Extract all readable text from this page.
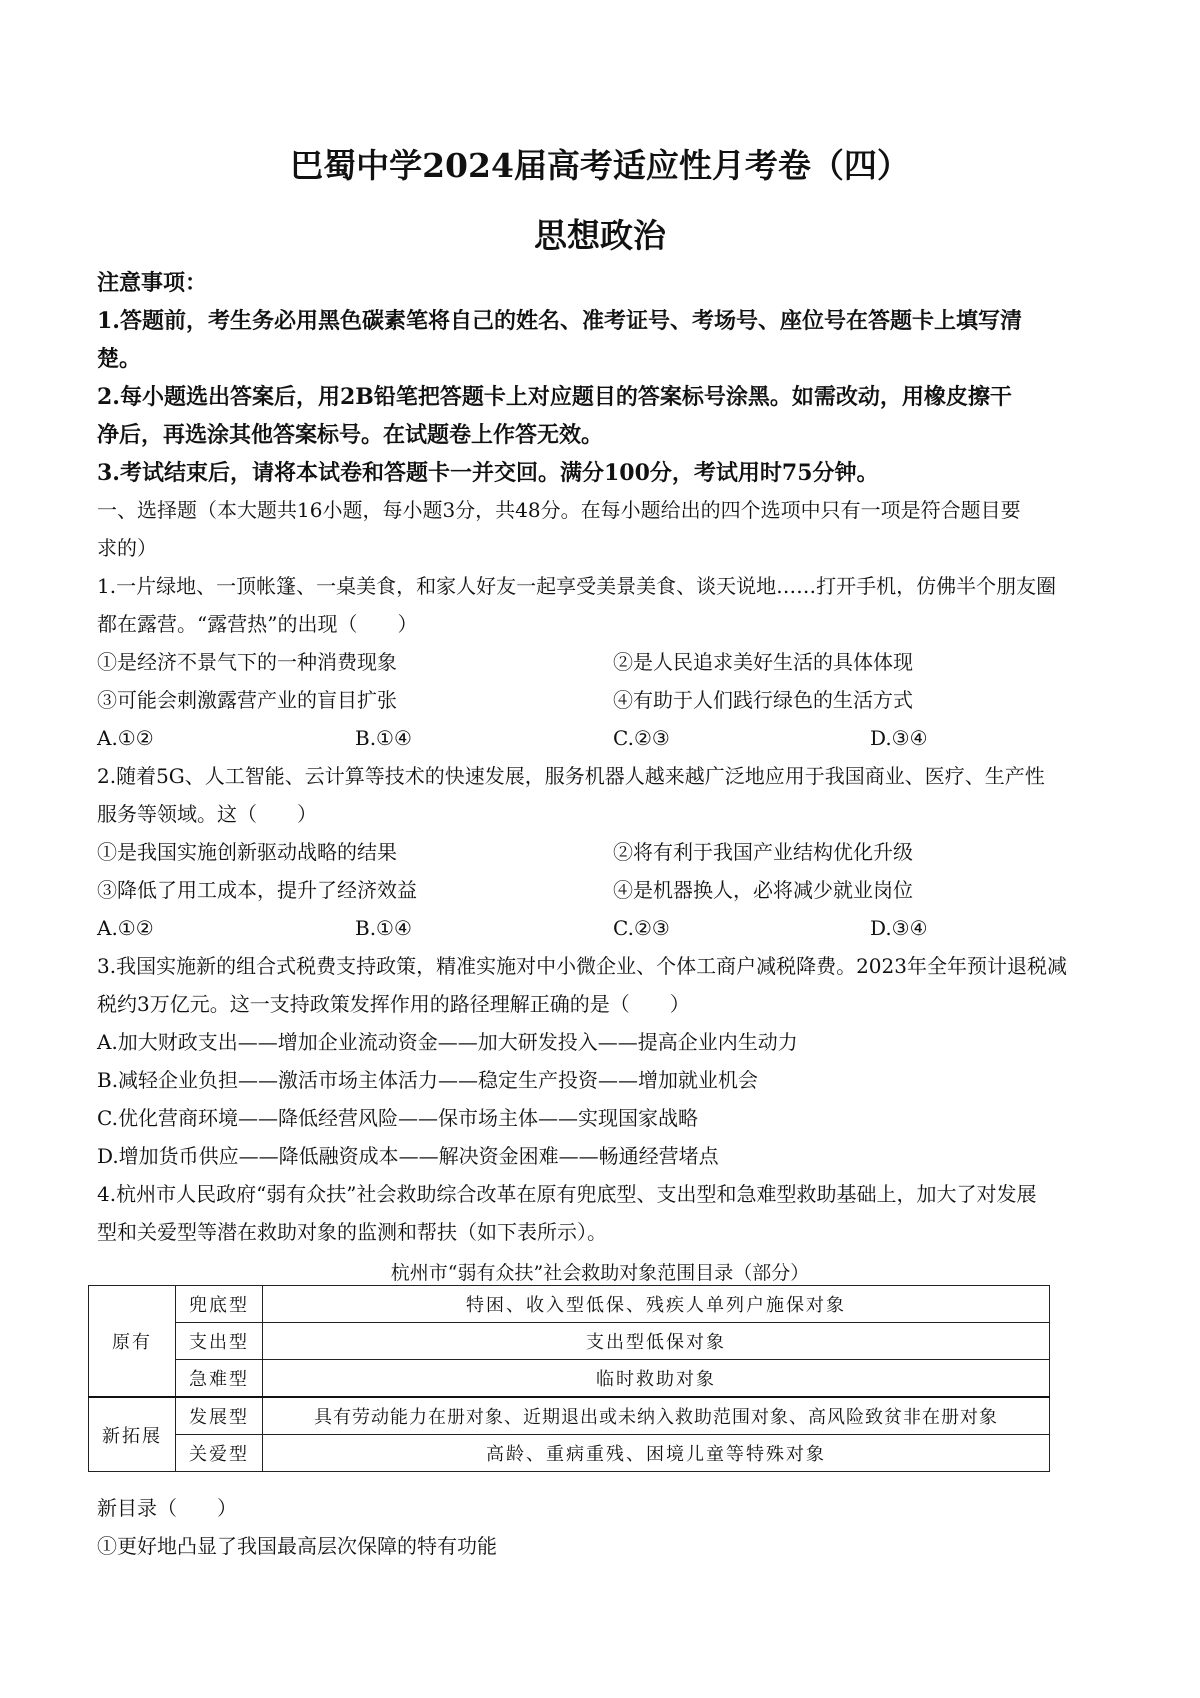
巴蜀中学2024届高考适应性月考卷（四）
思想政治
注意事项：
1.答题前，考生务必用黑色碳素笔将自己的姓名、准考证号、考场号、座位号在答题卡上填写清
楚。
2.每小题选出答案后，用2B铅笔把答题卡上对应题目的答案标号涂黑。如需改动，用橡皮擦干
净后，再选涂其他答案标号。在试题卷上作答无效。
3.考试结束后，请将本试卷和答题卡一并交回。满分100分，考试用时75分钟。
一、选择题（本大题共16小题，每小题3分，共48分。在每小题给出的四个选项中只有一项是符合题目要
求的）
1.一片绿地、一顶帐篷、一桌美食，和家人好友一起享受美景美食、谈天说地……打开手机，仿佛半个朋友圈
都在露营。“露营热”的出现（　　）
①是经济不景气下的一种消费现象	②是人民追求美好生活的具体体现
③可能会刺激露营产业的盲目扩张	④有助于人们践行绿色的生活方式
A.①②	B.①④	C.②③	D.③④
2.随着5G、人工智能、云计算等技术的快速发展，服务机器人越来越广泛地应用于我国商业、医疗、生产性
服务等领域。这（　　）
①是我国实施创新驱动战略的结果	②将有利于我国产业结构优化升级
③降低了用工成本，提升了经济效益	④是机器换人，必将减少就业岗位
A.①②	B.①④	C.②③	D.③④
3.我国实施新的组合式税费支持政策，精准实施对中小微企业、个体工商户减税降费。2023年全年预计退税减
税约3万亿元。这一支持政策发挥作用的路径理解正确的是（　　）
A.加大财政支出——增加企业流动资金——加大研发投入——提高企业内生动力
B.减轻企业负担——激活市场主体活力——稳定生产投资——增加就业机会
C.优化营商环境——降低经营风险——保市场主体——实现国家战略
D.增加货币供应——降低融资成本——解决资金困难——畅通经营堵点
4.杭州市人民政府“弱有众扶”社会救助综合改革在原有兜底型、支出型和急难型救助基础上，加大了对发展
型和关爱型等潜在救助对象的监测和帮扶（如下表所示）。
杭州市“弱有众扶”社会救助对象范围目录（部分）
原有	兜底型	特困、收入型低保、残疾人单列户施保对象
	支出型	支出型低保对象
	急难型	临时救助对象
新拓展	发展型	具有劳动能力在册对象、近期退出或未纳入救助范围对象、高风险致贫非在册对象
	关爱型	高龄、重病重残、困境儿童等特殊对象
新目录（　　）
①更好地凸显了我国最高层次保障的特有功能
